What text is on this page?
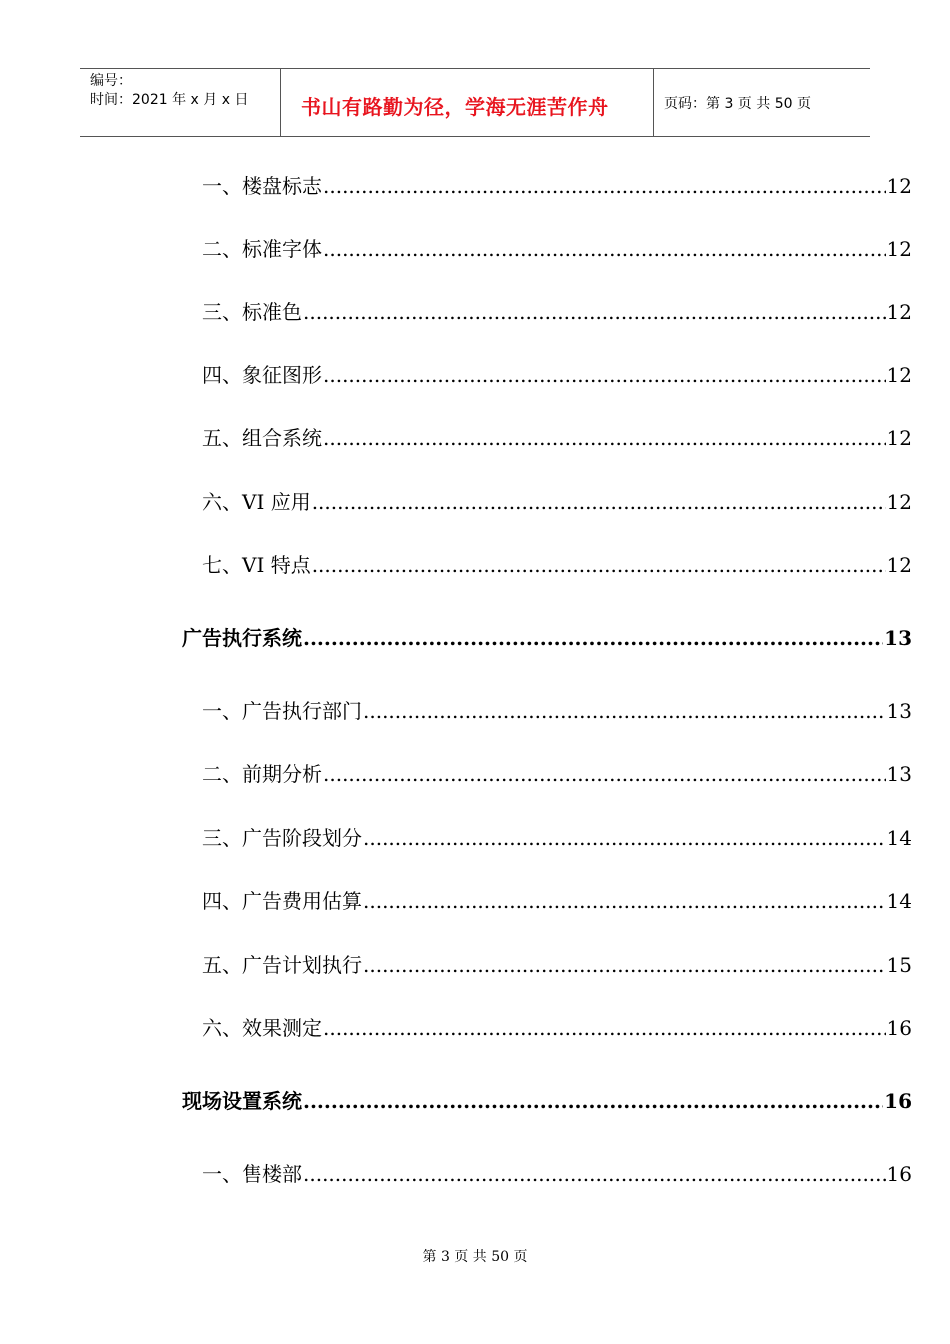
编号：
时间：2021 年 x 月 x 日	书山有路勤为径，学海无涯苦作舟	页码：第 3 页 共 50 页
一、楼盘标志 .....	12
二、标准字体 .....	12
三、标准色 .....	12
四、象征图形 .....	12
五、组合系统 .....	12
六、VI 应用 .....	12
七、VI 特点 .....	12
广告执行系统 .....	13
一、广告执行部门 .....	13
二、前期分析 .....	13
三、广告阶段划分 .....	14
四、广告费用估算 .....	14
五、广告计划执行 .....	15
六、效果测定 .....	16
现场设置系统 .....	16
一、售楼部 .....	16
第 3 页 共 50 页
